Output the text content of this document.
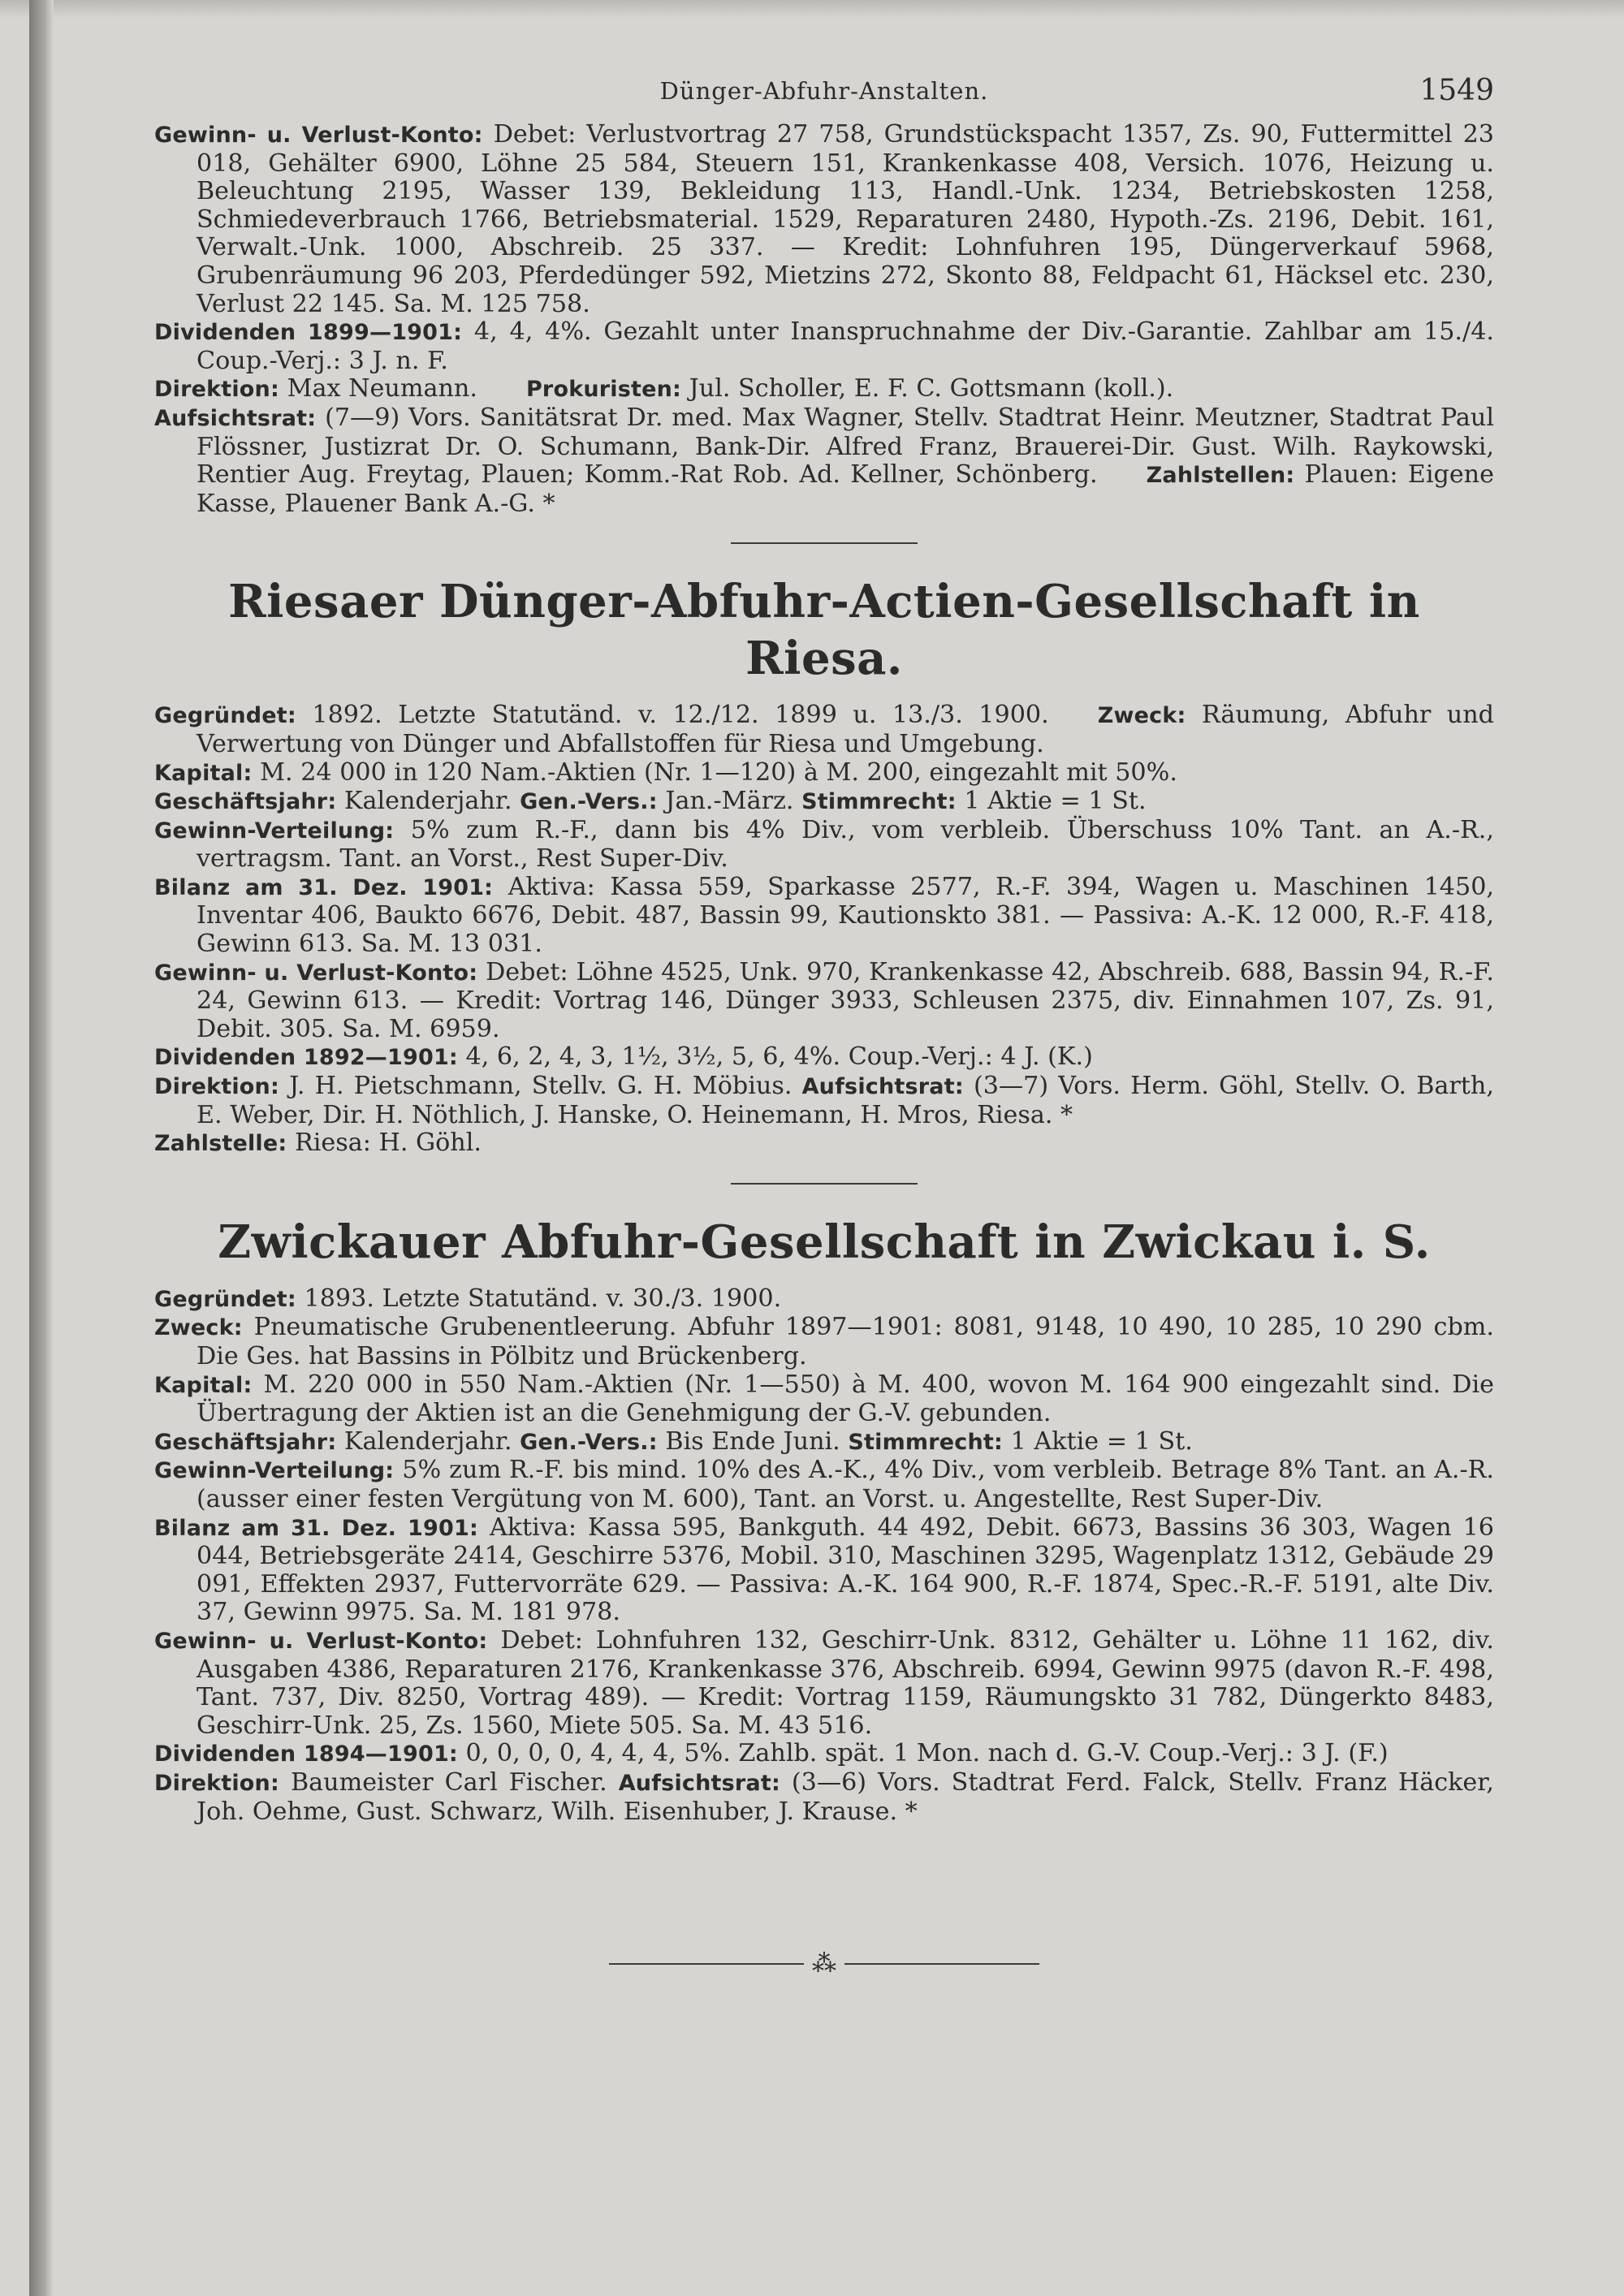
Dünger-Abfuhr-Anstalten.	1549

Gewinn- u. Verlust-Konto: Debet: Verlustvortrag 27 758, Grundstückspacht 1357, Zs. 90, Futtermittel 23 018, Gehälter 6900, Löhne 25 584, Steuern 151, Krankenkasse 408, Versich. 1076, Heizung u. Beleuchtung 2195, Wasser 139, Bekleidung 113, Handl.-Unk. 1234, Betriebskosten 1258, Schmiedeverbrauch 1766, Betriebsmaterial. 1529, Reparaturen 2480, Hypoth.-Zs. 2196, Debit. 161, Verwalt.-Unk. 1000, Abschreib. 25 337. — Kredit: Lohnfuhren 195, Düngerverkauf 5968, Grubenräumung 96 203, Pferdedünger 592, Mietzins 272, Skonto 88, Feldpacht 61, Häcksel etc. 230, Verlust 22 145. Sa. M. 125 758.

Dividenden 1899—1901: 4, 4, 4%. Gezahlt unter Inanspruchnahme der Div.-Garantie. Zahlbar am 15./4. Coup.-Verj.: 3 J. n. F.

Direktion: Max Neumann. Prokuristen: Jul. Scholler, E. F. C. Gottsmann (koll.).

Aufsichtsrat: (7—9) Vors. Sanitätsrat Dr. med. Max Wagner, Stellv. Stadtrat Heinr. Meutzner, Stadtrat Paul Flössner, Justizrat Dr. O. Schumann, Bank-Dir. Alfred Franz, Brauerei-Dir. Gust. Wilh. Raykowski, Rentier Aug. Freytag, Plauen; Komm.-Rat Rob. Ad. Kellner, Schönberg. Zahlstellen: Plauen: Eigene Kasse, Plauener Bank A.-G. *

Riesaer Dünger-Abfuhr-Actien-Gesellschaft in Riesa.

Gegründet: 1892. Letzte Statutänd. v. 12./12. 1899 u. 13./3. 1900. Zweck: Räumung, Abfuhr und Verwertung von Dünger und Abfallstoffen für Riesa und Umgebung.

Kapital: M. 24 000 in 120 Nam.-Aktien (Nr. 1—120) à M. 200, eingezahlt mit 50%.

Geschäftsjahr: Kalenderjahr. Gen.-Vers.: Jan.-März. Stimmrecht: 1 Aktie = 1 St.

Gewinn-Verteilung: 5% zum R.-F., dann bis 4% Div., vom verbleib. Überschuss 10% Tant. an A.-R., vertragsm. Tant. an Vorst., Rest Super-Div.

Bilanz am 31. Dez. 1901: Aktiva: Kassa 559, Sparkasse 2577, R.-F. 394, Wagen u. Maschinen 1450, Inventar 406, Baukto 6676, Debit. 487, Bassin 99, Kautionskto 381. — Passiva: A.-K. 12 000, R.-F. 418, Gewinn 613. Sa. M. 13 031.

Gewinn- u. Verlust-Konto: Debet: Löhne 4525, Unk. 970, Krankenkasse 42, Abschreib. 688, Bassin 94, R.-F. 24, Gewinn 613. — Kredit: Vortrag 146, Dünger 3933, Schleusen 2375, div. Einnahmen 107, Zs. 91, Debit. 305. Sa. M. 6959.

Dividenden 1892—1901: 4, 6, 2, 4, 3, 1½, 3½, 5, 6, 4%. Coup.-Verj.: 4 J. (K.)

Direktion: J. H. Pietschmann, Stellv. G. H. Möbius. Aufsichtsrat: (3—7) Vors. Herm. Göhl, Stellv. O. Barth, E. Weber, Dir. H. Nöthlich, J. Hanske, O. Heinemann, H. Mros, Riesa. *

Zahlstelle: Riesa: H. Göhl.

Zwickauer Abfuhr-Gesellschaft in Zwickau i. S.

Gegründet: 1893. Letzte Statutänd. v. 30./3. 1900.

Zweck: Pneumatische Grubenentleerung. Abfuhr 1897—1901: 8081, 9148, 10 490, 10 285, 10 290 cbm. Die Ges. hat Bassins in Pölbitz und Brückenberg.

Kapital: M. 220 000 in 550 Nam.-Aktien (Nr. 1—550) à M. 400, wovon M. 164 900 eingezahlt sind. Die Übertragung der Aktien ist an die Genehmigung der G.-V. gebunden.

Geschäftsjahr: Kalenderjahr. Gen.-Vers.: Bis Ende Juni. Stimmrecht: 1 Aktie = 1 St.

Gewinn-Verteilung: 5% zum R.-F. bis mind. 10% des A.-K., 4% Div., vom verbleib. Betrage 8% Tant. an A.-R. (ausser einer festen Vergütung von M. 600), Tant. an Vorst. u. Angestellte, Rest Super-Div.

Bilanz am 31. Dez. 1901: Aktiva: Kassa 595, Bankguth. 44 492, Debit. 6673, Bassins 36 303, Wagen 16 044, Betriebsgeräte 2414, Geschirre 5376, Mobil. 310, Maschinen 3295, Wagenplatz 1312, Gebäude 29 091, Effekten 2937, Futtervorräte 629. — Passiva: A.-K. 164 900, R.-F. 1874, Spec.-R.-F. 5191, alte Div. 37, Gewinn 9975. Sa. M. 181 978.

Gewinn- u. Verlust-Konto: Debet: Lohnfuhren 132, Geschirr-Unk. 8312, Gehälter u. Löhne 11 162, div. Ausgaben 4386, Reparaturen 2176, Krankenkasse 376, Abschreib. 6994, Gewinn 9975 (davon R.-F. 498, Tant. 737, Div. 8250, Vortrag 489). — Kredit: Vortrag 1159, Räumungskto 31 782, Düngerkto 8483, Geschirr-Unk. 25, Zs. 1560, Miete 505. Sa. M. 43 516.

Dividenden 1894—1901: 0, 0, 0, 0, 4, 4, 4, 5%. Zahlb. spät. 1 Mon. nach d. G.-V. Coup.-Verj.: 3 J. (F.)

Direktion: Baumeister Carl Fischer. Aufsichtsrat: (3—6) Vors. Stadtrat Ferd. Falck, Stellv. Franz Häcker, Joh. Oehme, Gust. Schwarz, Wilh. Eisenhuber, J. Krause. *

⁂
